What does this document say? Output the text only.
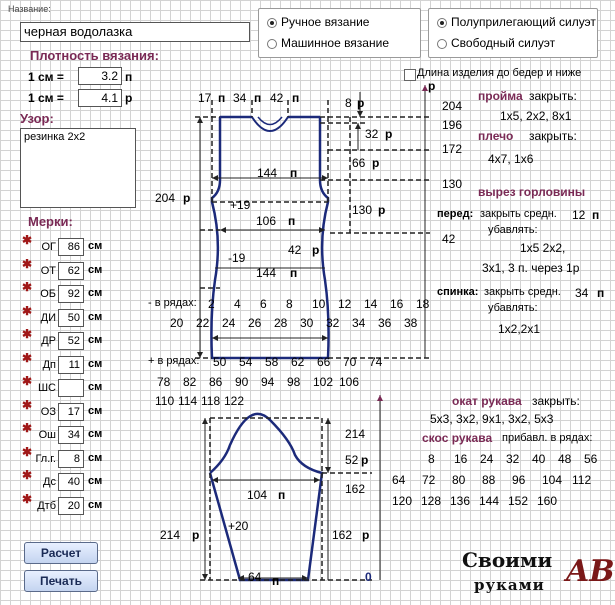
Название:
черная водолазка
Плотность вязания:
1 см =	3.2 п
1 см =	4.1 р
Узор:
резинка 2х2
Мерки:
✱ ОГ	86 см
✱ ОТ	62 см
✱ ОБ	92 см
✱ ДИ	50 см
✱ ДР	52 см
✱ Дп	11 см
✱ ШС	см
✱ ОЗ	17 см
✱ Ош	34 см
✱ Гл.г.	8 см
✱ Дс	40 см
✱ Дтб	20 см
Расчет
Печать
Ручное вязание
Машинное вязание
Полуприлегающий силуэт
Свободный силуэт
Длина изделия до бедер и ниже
17 п 34 п 42 п	8 р
32 р
66 р
144 п
204 р	+19	130 р
106 п
42 р
-19
144 п
204
196
172
130
42
р
- в рядах: 2 4 6 8 10 12 14 16 18
20 22 24 26 28 30 32 34 36 38
+ в рядах: 50 54 58 62 66 70 74
78 82 86 90 94 98 102 106
110 114 118 122
пройма закрыть:
1х5, 2х2, 8х1
плечо закрыть:
4х7, 1х6
вырез горловины
перед: закрыть средн. 12 п
убавлять:
1х5 2х2,
3х1, 3 п. через 1р
спинка: закрыть средн. 34 п
убавлять:
1х2,2х1
214
52 р
162
104 п
+20
214 р	162 р
64 п	0
окат рукава закрыть:
5х3, 3х2, 9х1, 3х2, 5х3
скос рукава прибавл. в рядах:
8 16 24 32 40 48 56
64 72 80 88 96 104 112
120 128 136 144 152 160
Своими
руками AB
